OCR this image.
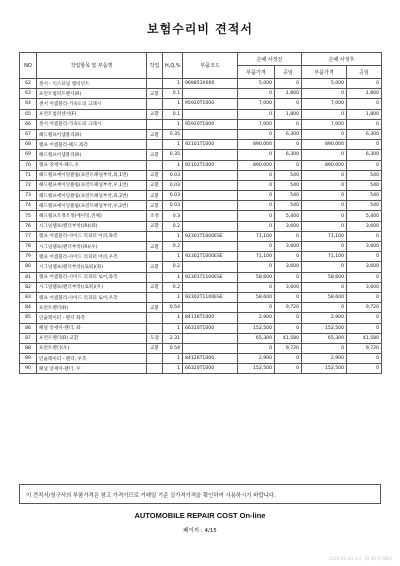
보험수리비 견적서
NO	작업항목 및 부품명	작업	H,Q,%	부품코드	손해 사정전		손해 사정후	
					부품가격	공임	부품가격	공임
62	센서 - 익스터널 앰비언트		1	969853X000	5,000	0	5,000	0
63	프런트범퍼트렌서(R)	교환	0.1		0	1,800	0	1,800
64	센서 어셈블리-거속도의 크래시		1	95920T1000	7,000	0	7,000	0
65	프런트범퍼센서(F)	교환	0.1		0	1,800	0	1,800
66	센서 어셈블리-가속도의 크래시		1	95920T1000	7,000	0	7,000	0
67	헤드램프어셈블리(R)	교환	0.35		0	6,300	0	6,300
68	램프 어셈블리-헤드,좌측		1	92101T1000	890,000	0	890,000	0
69	헤드램프어셈블리(R)	교환	0.35		0	6,300	0	6,300
70	램프 앗세이-헤드,우		1	92102T1000	890,000	0	890,000	0
71	헤드램프에이밍클립(프런트패널부착,좌,1번)	교환	0.03		0	540	0	540
72	헤드램프에이밍클립(프런트패널부착,우,1번)	교환	0.03		0	540	0	540
73	헤드램프에이밍클립(프런트패널부착,좌,2번)	교환	0.03		0	540	0	540
74	헤드램프에이밍클립(프런트패널부착,우,2번)	교환	0.03		0	540	0	540
75	헤드램프조정조정(에이밍,전체)	조정	0.3		0	5,400	0	5,400
76	시그널램프(펜더부착)(R)(좌)	교환	0.2		0	3,600	0	3,600
77	램프 어셈블리-사이드 리피터 어퍼,좌측		1	92301T1000ESE	71,100	0	71,100	0
78	시그널램프(펜더부착)(R)(우)	교환	0.2		0	3,600	0	3,600
79	램프 어셈블리-사이드 리피터 어퍼,우측		1	92302T1000ESE	71,100	0	71,100	0
80	시그널램프(펜더부착)(로워)(좌)	교환	0.2		0	3,600	0	3,600
81	램프 어셈블리-사이드 리피터 로어,좌측		1	92301T1100ESE	58,600	0	58,600	0
82	시그널램프(펜더부착)(로워)(우)	교환	0.2		0	3,600	0	3,600
83	램프 어셈블리-사이드 리피터 로어,우측		1	92302T1100ESE	58,600	0	58,600	0
84	프런트펜더(R)	교환	0.54		0	9,720	0	9,720
85	인슐레이터 - 펜더 좌측		1	84116T1000	2,900	0	2,900	0
86	패널 앗세이-펜더, 좌		1	66310T1000	152,500	0	152,500	0
87	프런트펜더(R) 교환	도장	2.31		65,300	41,580	65,300	41,580
88	프런트펜더(우)	교환	0.54		0	9,720	0	9,720
89	인슐레이터 - 펜더, 우측		1	84126T1000	2,900	0	2,900	0
90	패널 앗세이-펜더, 우		1	66320T1000	152,500	0	152,500	0
이 견적서/청구서의 부품가격은 참고 가격이므로 거래일 기준 실가격가격을 확인하여 사용하시기 바랍니다.
AUTOMOBILE REPAIR COST On-line
페이지 : 4/15
2020-01-03 오후 10:58:47(BH)
